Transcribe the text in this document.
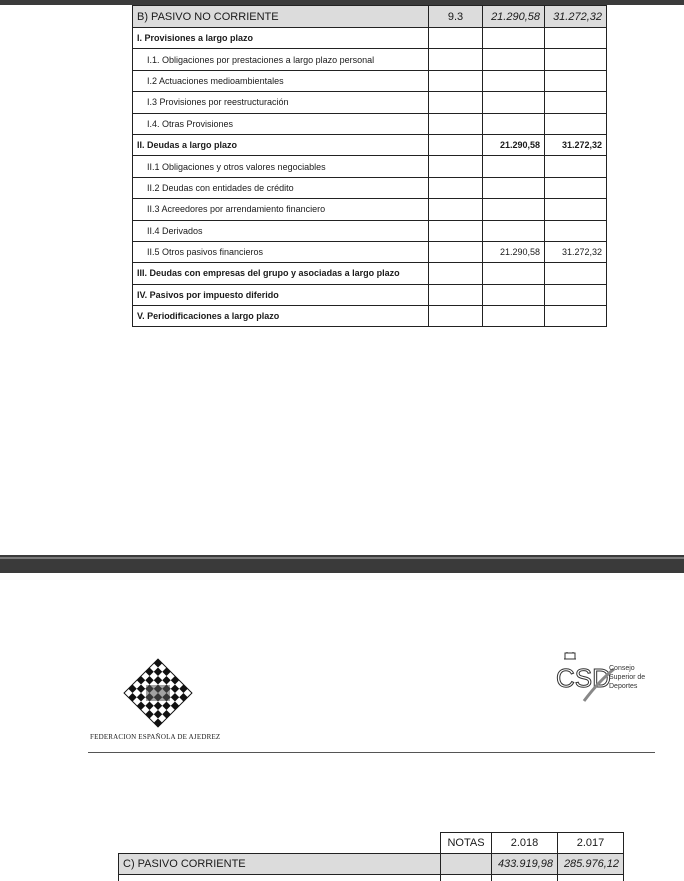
B) PASIVO NO CORRIENTE	9.3	21.290,58	31.272,32
I. Provisiones a largo plazo			
I.1. Obligaciones por prestaciones a largo plazo personal			
I.2 Actuaciones medioambientales			
I.3 Provisiones por reestructuración			
I.4. Otras Provisiones			
II. Deudas a largo plazo		21.290,58	31.272,32
II.1 Obligaciones y otros valores negociables			
II.2 Deudas con entidades de crédito			
II.3 Acreedores por arrendamiento financiero			
II.4 Derivados			
II.5 Otros pasivos financieros		21.290,58	31.272,32
III. Deudas con empresas del grupo y asociadas a largo plazo			
IV. Pasivos por impuesto diferido			
V. Periodificaciones a largo plazo			
FEDERACION ESPAÑOLA DE AJEDREZ
CSD
Consejo
Superior de
Deportes
	NOTAS	2.018	2.017
C) PASIVO CORRIENTE		433.919,98	285.976,12
